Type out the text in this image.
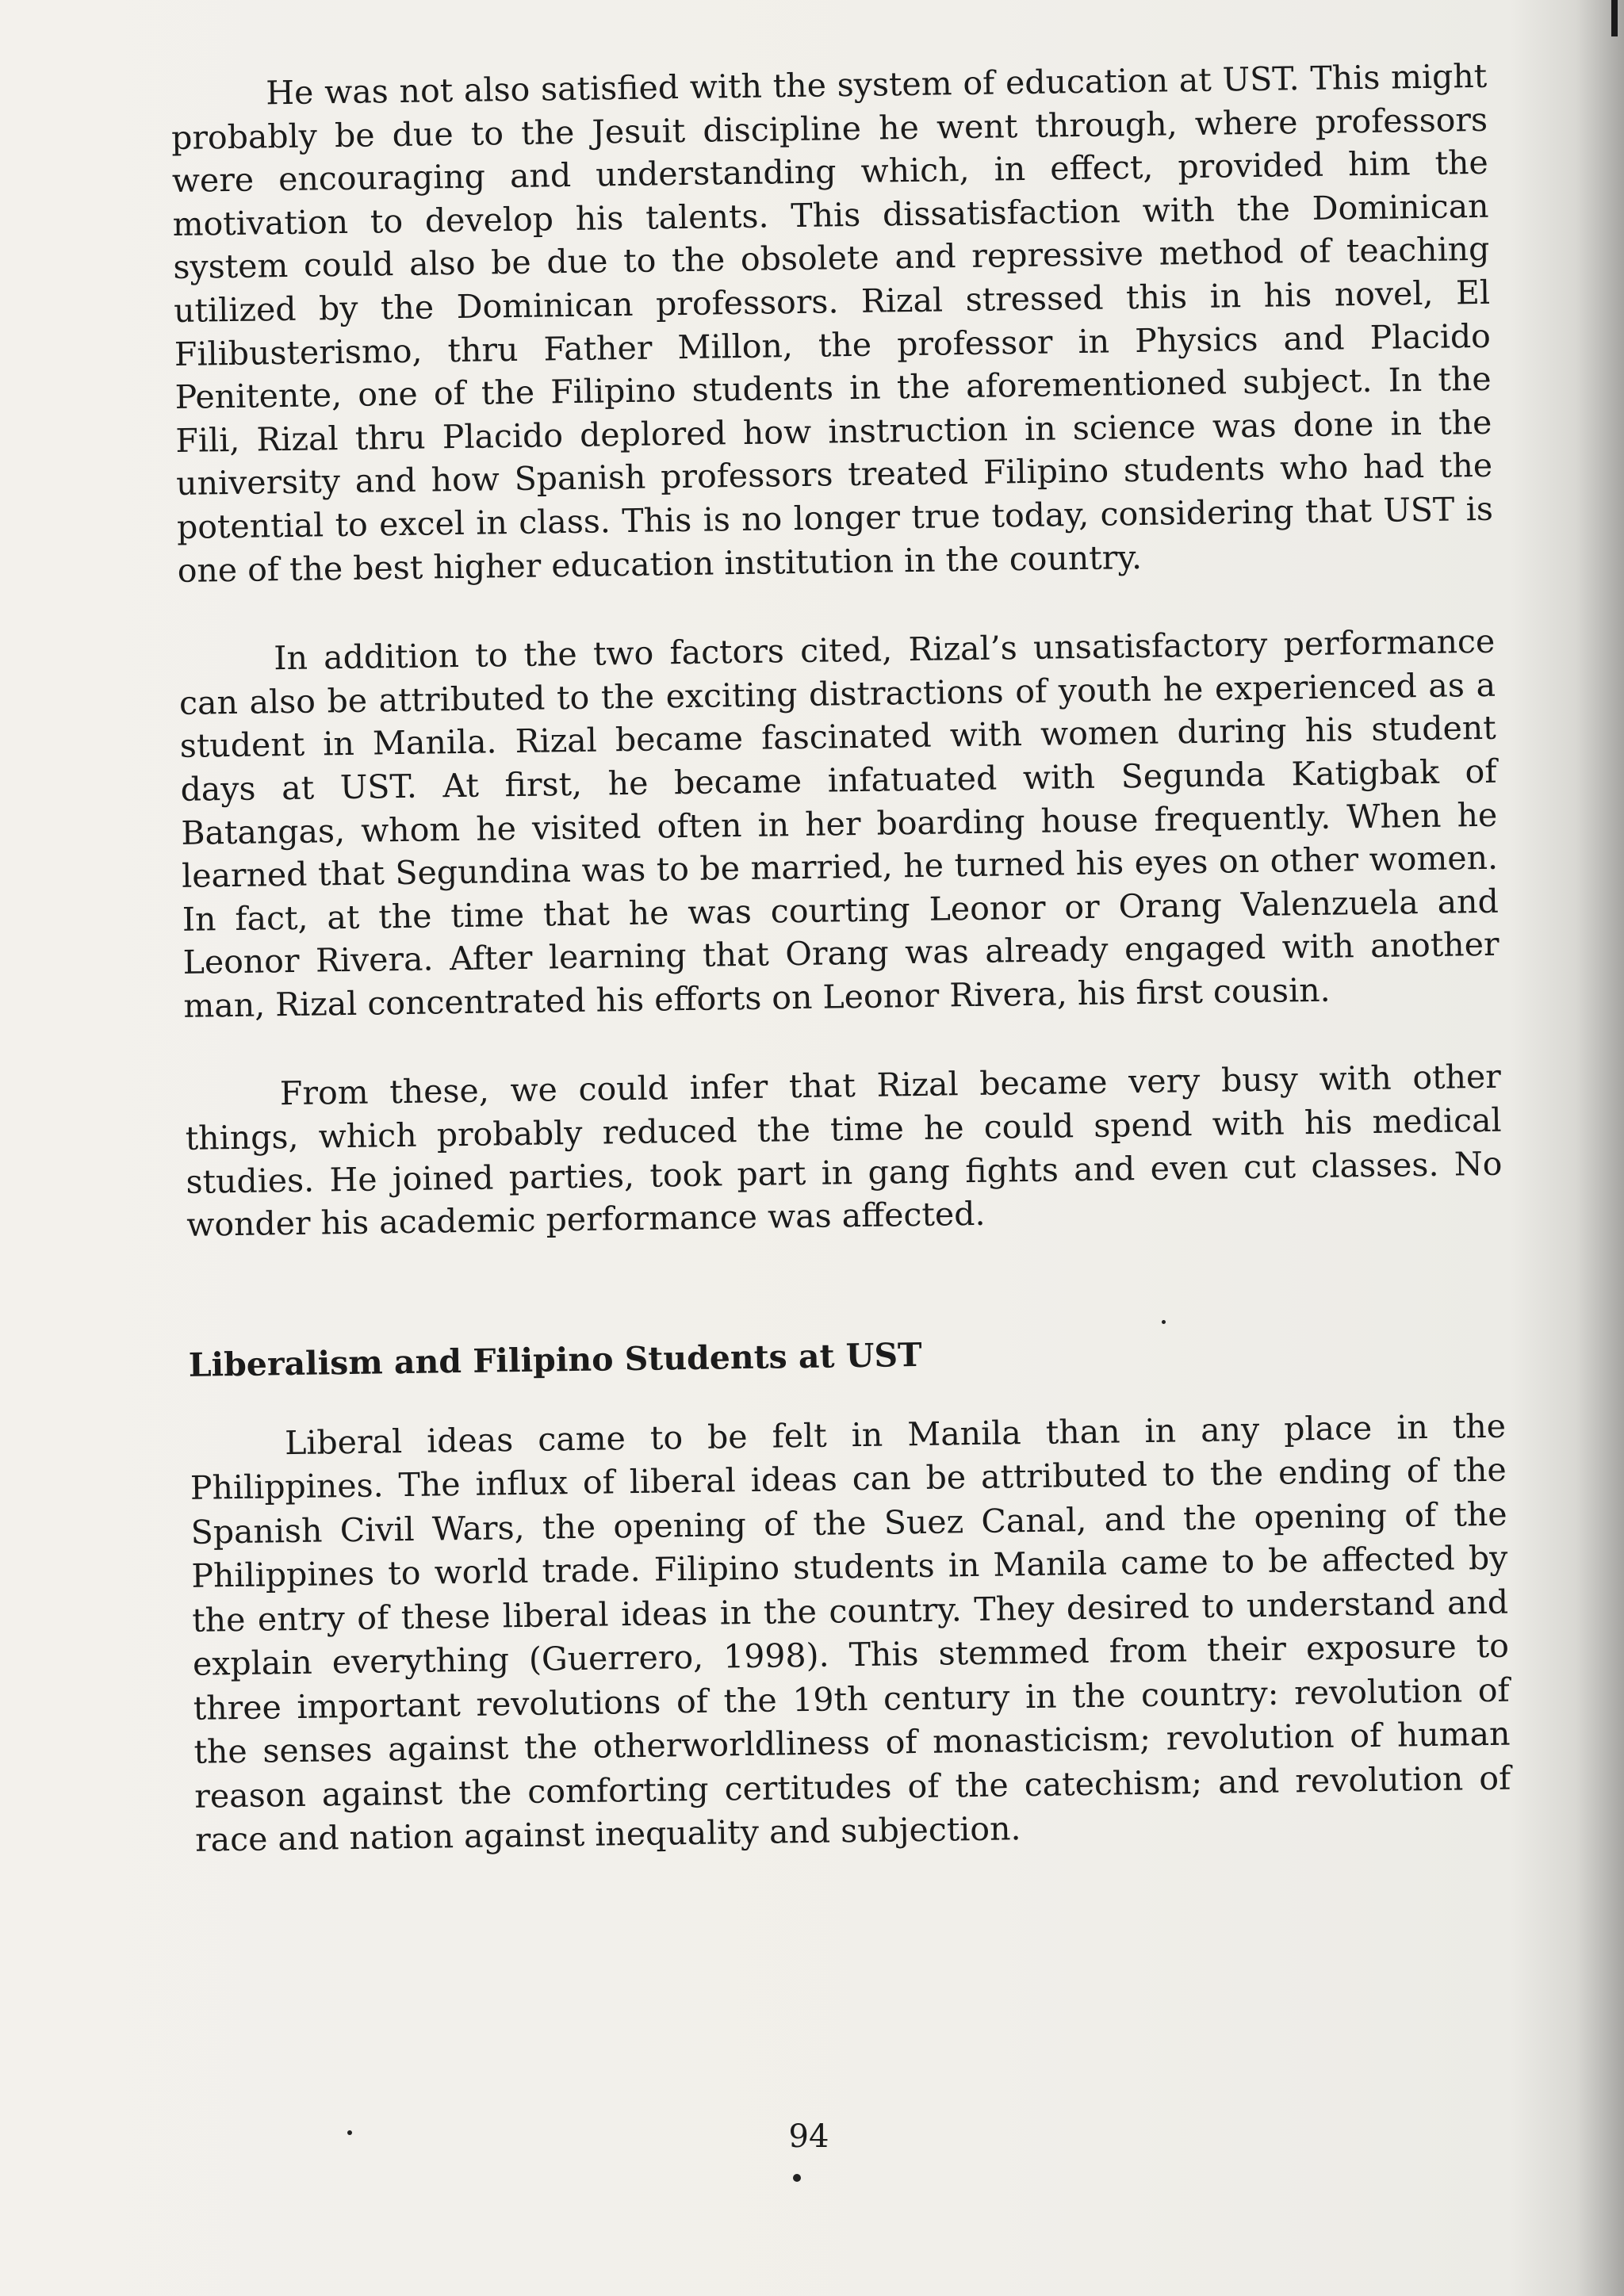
He was not also satisfied with the system of education at UST. This might probably be due to the Jesuit discipline he went through, where professors were encouraging and understanding which, in effect, provided him the motivation to develop his talents. This dissatisfaction with the Dominican system could also be due to the obsolete and repressive method of teaching utilized by the Dominican professors. Rizal stressed this in his novel, El Filibusterismo, thru Father Millon, the professor in Physics and Placido Penitente, one of the Filipino students in the aforementioned subject. In the Fili, Rizal thru Placido deplored how instruction in science was done in the university and how Spanish professors treated Filipino students who had the potential to excel in class. This is no longer true today, considering that UST is one of the best higher education institution in the country.

In addition to the two factors cited, Rizal’s unsatisfactory performance can also be attributed to the exciting distractions of youth he experienced as a student in Manila. Rizal became fascinated with women during his student days at UST. At first, he became infatuated with Segunda Katigbak of Batangas, whom he visited often in her boarding house frequently. When he learned that Segundina was to be married, he turned his eyes on other women. In fact, at the time that he was courting Leonor or Orang Valenzuela and Leonor Rivera. After learning that Orang was already engaged with another man, Rizal concentrated his efforts on Leonor Rivera, his first cousin.

From these, we could infer that Rizal became very busy with other things, which probably reduced the time he could spend with his medical studies. He joined parties, took part in gang fights and even cut classes. No wonder his academic performance was affected.

Liberalism and Filipino Students at UST

Liberal ideas came to be felt in Manila than in any place in the Philippines. The influx of liberal ideas can be attributed to the ending of the Spanish Civil Wars, the opening of the Suez Canal, and the opening of the Philippines to world trade. Filipino students in Manila came to be affected by the entry of these liberal ideas in the country. They desired to understand and explain everything (Guerrero, 1998). This stemmed from their exposure to three important revolutions of the 19th century in the country: revolution of the senses against the otherworldliness of monasticism; revolution of human reason against the comforting certitudes of the catechism; and revolution of race and nation against inequality and subjection.

94
